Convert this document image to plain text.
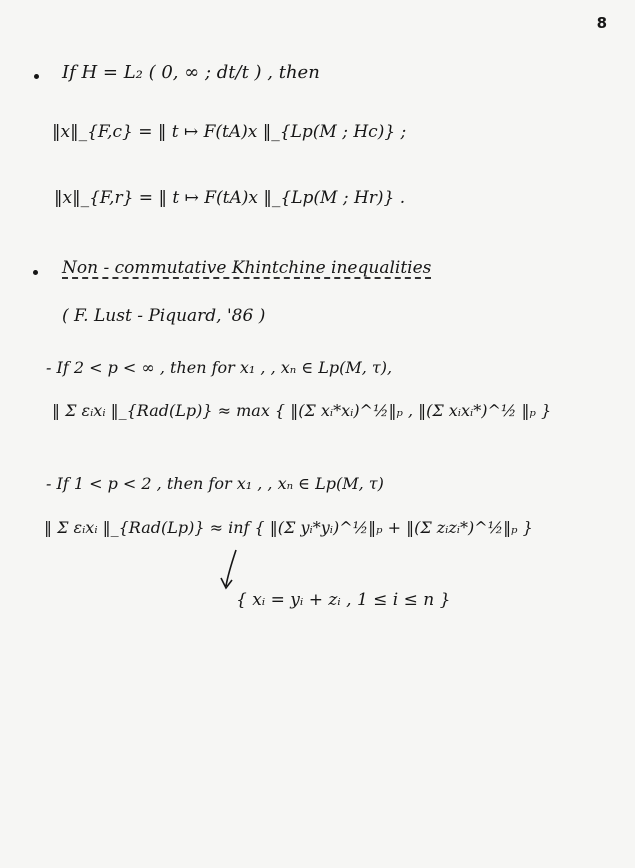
8
If H = L₂ ( 0, ∞ ; dt/t ) , then
‖x‖_{F,c} = ‖ t ↦ F(tA)x ‖_{Lp(M ; Hc)} ;
‖x‖_{F,r} = ‖ t ↦ F(tA)x ‖_{Lp(M ; Hr)} .
Non - commutative Khintchine inequalities
( F. Lust - Piquard, '86 )
- If 2 < p < ∞ , then for x₁ , , xₙ ∈ Lp(M, τ),
‖ Σ εᵢxᵢ ‖_{Rad(Lp)} ≈ max { ‖(Σ xᵢ*xᵢ)^½‖ₚ , ‖(Σ xᵢxᵢ*)^½ ‖ₚ }
- If 1 < p < 2 , then for x₁ , , xₙ ∈ Lp(M, τ)
‖ Σ εᵢxᵢ ‖_{Rad(Lp)} ≈ inf { ‖(Σ yᵢ*yᵢ)^½‖ₚ + ‖(Σ zᵢzᵢ*)^½‖ₚ }
{ xᵢ = yᵢ + zᵢ , 1 ≤ i ≤ n }
